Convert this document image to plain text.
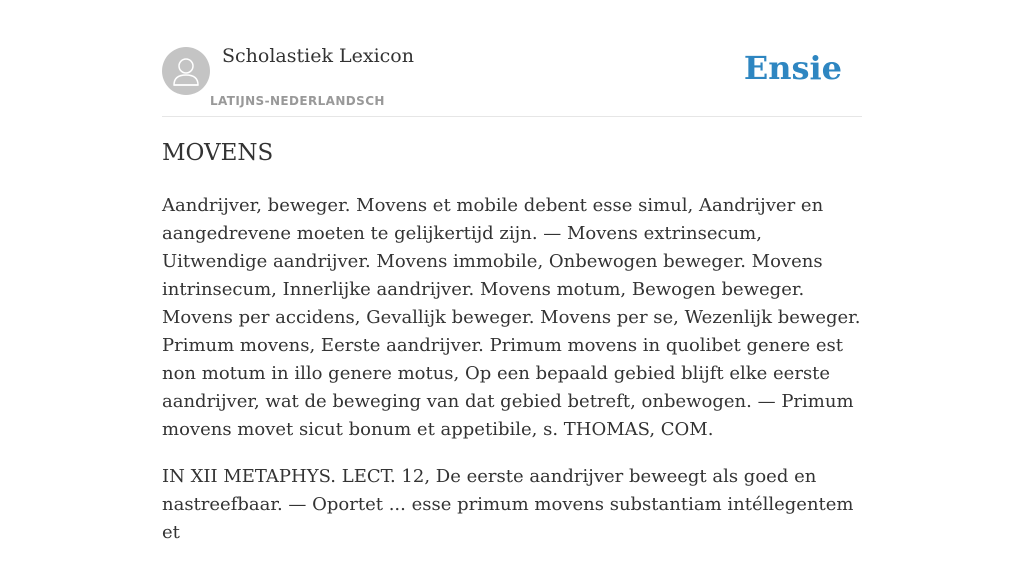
Scholastiek Lexicon
LATIJNS-NEDERLANDSCH
Ensie
MOVENS

Aandrijver, beweger. Movens et mobile debent esse simul, Aandrijver en aangedrevene moeten te gelijkertijd zijn. — Movens extrinsecum, Uitwendige aandrijver. Movens immobile, Onbewogen beweger. Movens intrinsecum, Innerlijke aandrijver. Movens motum, Bewogen beweger. Movens per accidens, Gevallijk beweger. Movens per se, Wezenlijk beweger. Primum movens, Eerste aandrijver. Primum movens in quolibet genere est non motum in illo genere motus, Op een bepaald gebied blijft elke eerste aandrijver, wat de beweging van dat gebied betreft, onbewogen. — Primum movens movet sicut bonum et appetibile, s. THOMAS, COM.

IN XII METAPHYS. LECT. 12, De eerste aandrijver beweegt als goed en nastreefbaar. — Oportet ... esse primum movens substantiam intéllegentem et
